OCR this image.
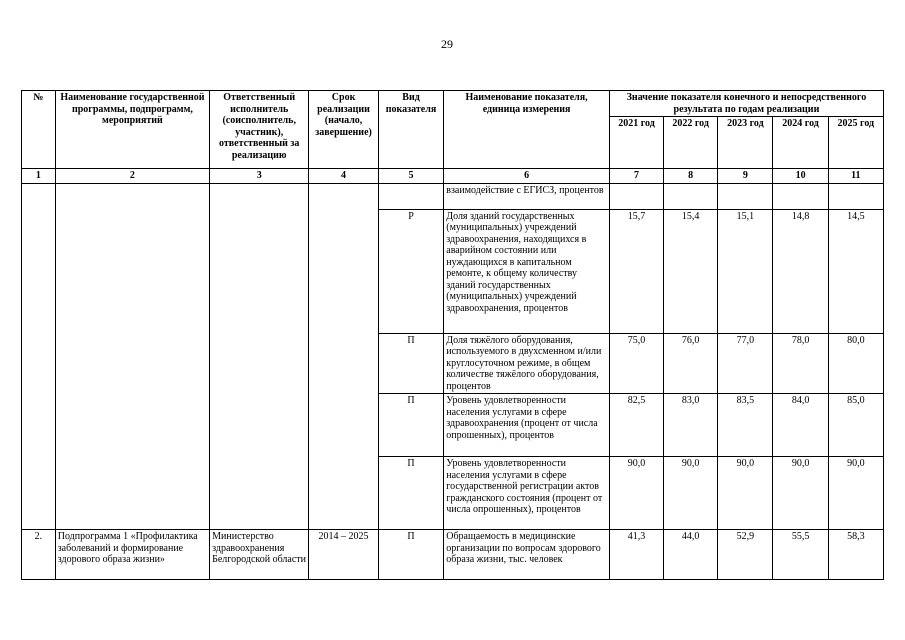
29
№	Наименование государственной программы, подпрограмм, мероприятий	Ответственный исполнитель (соисполнитель, участник), ответственный за реализацию	Срок реализации (начало, завершение)	Вид показателя	Наименование показателя, единица измерения	Значение показателя конечного и непосредственного результата по годам реализации				
						2021 год	2022 год	2023 год	2024 год	2025 год
1	2	3	4	5	6	7	8	9	10	11
					взаимодействие с ЕГИСЗ, процентов					
				Р	Доля зданий государственных (муниципальных) учреждений здравоохранения, находящихся в аварийном состоянии или нуждающихся в капитальном ремонте, к общему количеству зданий государственных (муниципальных) учреждений здравоохранения, процентов	15,7	15,4	15,1	14,8	14,5
				П	Доля тяжёлого оборудования, используемого в двухсменном и/или круглосуточном режиме, в общем количестве тяжёлого оборудования, процентов	75,0	76,0	77,0	78,0	80,0
				П	Уровень удовлетворенности населения услугами в сфере здравоохранения (процент от числа опрошенных), процентов	82,5	83,0	83,5	84,0	85,0
				П	Уровень удовлетворенности населения услугами в сфере государственной регистрации актов гражданского состояния (процент от числа опрошенных), процентов	90,0	90,0	90,0	90,0	90,0
2.	Подпрограмма 1 «Профилактика заболеваний и формирование здорового образа жизни»	Министерство здравоохранения Белгородской области	2014 – 2025	П	Обращаемость в медицинские организации по вопросам здорового образа жизни, тыс. человек	41,3	44,0	52,9	55,5	58,3
